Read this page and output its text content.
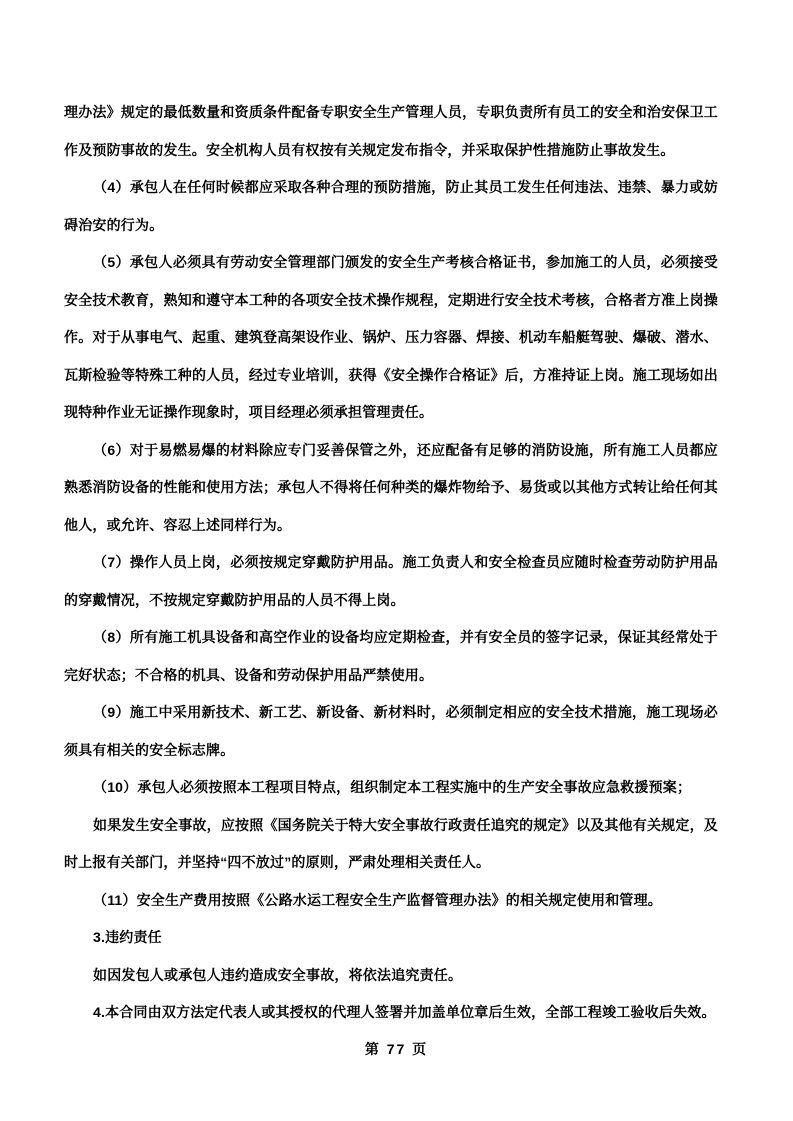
理办法》规定的最低数量和资质条件配备专职安全生产管理人员，专职负责所有员工的安全和治安保卫工作及预防事故的发生。安全机构人员有权按有关规定发布指令，并采取保护性措施防止事故发生。

（4）承包人在任何时候都应采取各种合理的预防措施，防止其员工发生任何违法、违禁、暴力或妨碍治安的行为。

（5）承包人必须具有劳动安全管理部门颁发的安全生产考核合格证书，参加施工的人员，必须接受安全技术教育，熟知和遵守本工种的各项安全技术操作规程，定期进行安全技术考核，合格者方准上岗操作。对于从事电气、起重、建筑登高架设作业、锅炉、压力容器、焊接、机动车船艇驾驶、爆破、潜水、瓦斯检验等特殊工种的人员，经过专业培训，获得《安全操作合格证》后，方准持证上岗。施工现场如出现特种作业无证操作现象时，项目经理必须承担管理责任。

（6）对于易燃易爆的材料除应专门妥善保管之外，还应配备有足够的消防设施，所有施工人员都应熟悉消防设备的性能和使用方法；承包人不得将任何种类的爆炸物给予、易货或以其他方式转让给任何其他人，或允许、容忍上述同样行为。

（7）操作人员上岗，必须按规定穿戴防护用品。施工负责人和安全检查员应随时检查劳动防护用品的穿戴情况，不按规定穿戴防护用品的人员不得上岗。

（8）所有施工机具设备和高空作业的设备均应定期检查，并有安全员的签字记录，保证其经常处于完好状态；不合格的机具、设备和劳动保护用品严禁使用。

（9）施工中采用新技术、新工艺、新设备、新材料时，必须制定相应的安全技术措施，施工现场必须具有相关的安全标志牌。

（10）承包人必须按照本工程项目特点，组织制定本工程实施中的生产安全事故应急救援预案；

如果发生安全事故，应按照《国务院关于特大安全事故行政责任追究的规定》以及其他有关规定，及时上报有关部门，并坚持“四不放过”的原则，严肃处理相关责任人。

（11）安全生产费用按照《公路水运工程安全生产监督管理办法》的相关规定使用和管理。

3.违约责任

如因发包人或承包人违约造成安全事故，将依法追究责任。

4.本合同由双方法定代表人或其授权的代理人签署并加盖单位章后生效，全部工程竣工验收后失效。

第 77 页
